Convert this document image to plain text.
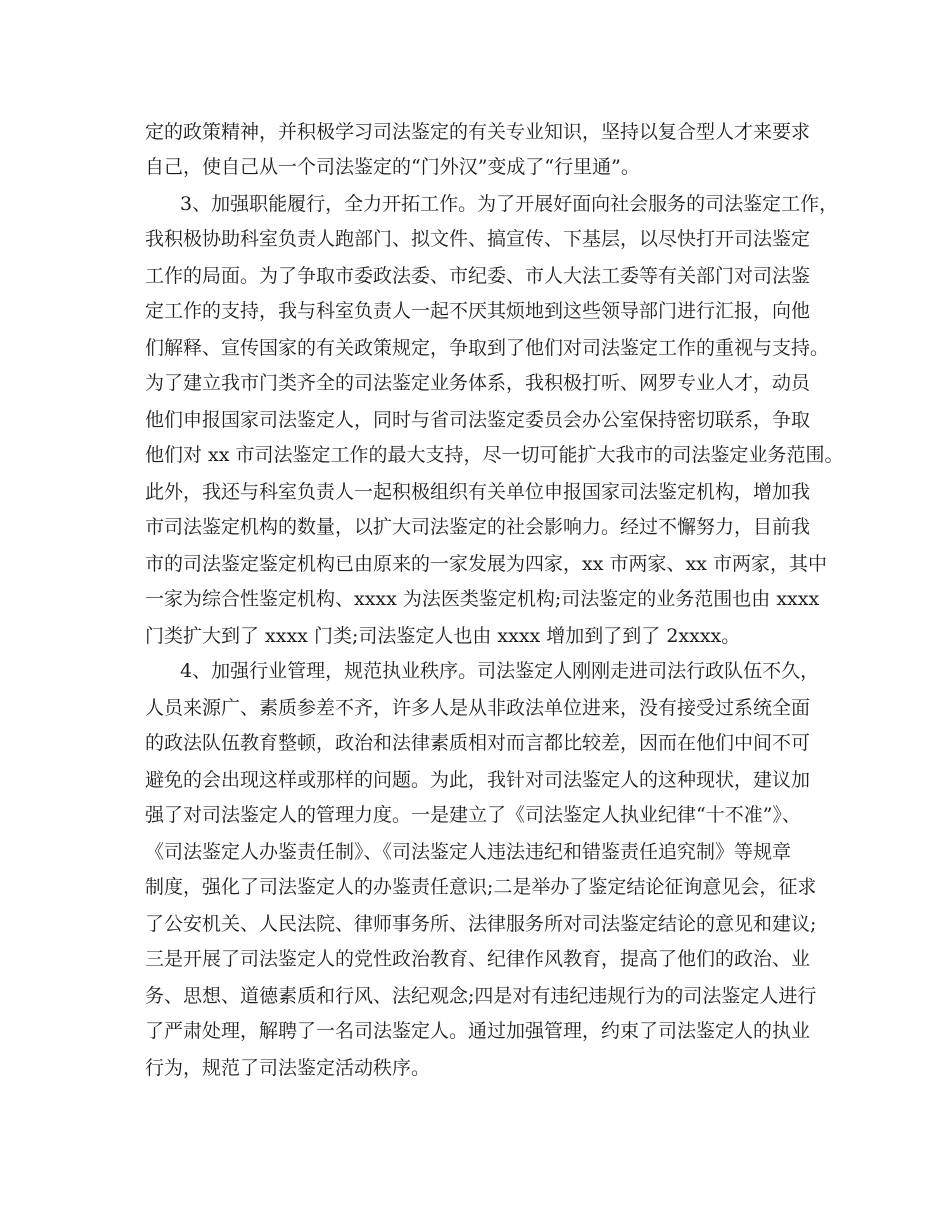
定的政策精神，并积极学习司法鉴定的有关专业知识，坚持以复合型人才来要求
自己，使自己从一个司法鉴定的“门外汉”变成了“行里通”。
3、加强职能履行，全力开拓工作。为了开展好面向社会服务的司法鉴定工作，
我积极协助科室负责人跑部门、拟文件、搞宣传、下基层，以尽快打开司法鉴定
工作的局面。为了争取市委政法委、市纪委、市人大法工委等有关部门对司法鉴
定工作的支持，我与科室负责人一起不厌其烦地到这些领导部门进行汇报，向他
们解释、宣传国家的有关政策规定，争取到了他们对司法鉴定工作的重视与支持。
为了建立我市门类齐全的司法鉴定业务体系，我积极打听、网罗专业人才，动员
他们申报国家司法鉴定人，同时与省司法鉴定委员会办公室保持密切联系，争取
他们对 xx 市司法鉴定工作的最大支持，尽一切可能扩大我市的司法鉴定业务范围。
此外，我还与科室负责人一起积极组织有关单位申报国家司法鉴定机构，增加我
市司法鉴定机构的数量，以扩大司法鉴定的社会影响力。经过不懈努力，目前我
市的司法鉴定鉴定机构已由原来的一家发展为四家，xx 市两家、xx 市两家，其中
一家为综合性鉴定机构、xxxx 为法医类鉴定机构;司法鉴定的业务范围也由 xxxx
门类扩大到了 xxxx 门类;司法鉴定人也由 xxxx 增加到了到了 2xxxx。
4、加强行业管理，规范执业秩序。司法鉴定人刚刚走进司法行政队伍不久，
人员来源广、素质参差不齐，许多人是从非政法单位进来，没有接受过系统全面
的政法队伍教育整顿，政治和法律素质相对而言都比较差，因而在他们中间不可
避免的会出现这样或那样的问题。为此，我针对司法鉴定人的这种现状，建议加
强了对司法鉴定人的管理力度。一是建立了《司法鉴定人执业纪律“十不准”》、
《司法鉴定人办鉴责任制》、《司法鉴定人违法违纪和错鉴责任追究制》等规章
制度，强化了司法鉴定人的办鉴责任意识;二是举办了鉴定结论征询意见会，征求
了公安机关、人民法院、律师事务所、法律服务所对司法鉴定结论的意见和建议;
三是开展了司法鉴定人的党性政治教育、纪律作风教育，提高了他们的政治、业
务、思想、道德素质和行风、法纪观念;四是对有违纪违规行为的司法鉴定人进行
了严肃处理，解聘了一名司法鉴定人。通过加强管理，约束了司法鉴定人的执业
行为，规范了司法鉴定活动秩序。
